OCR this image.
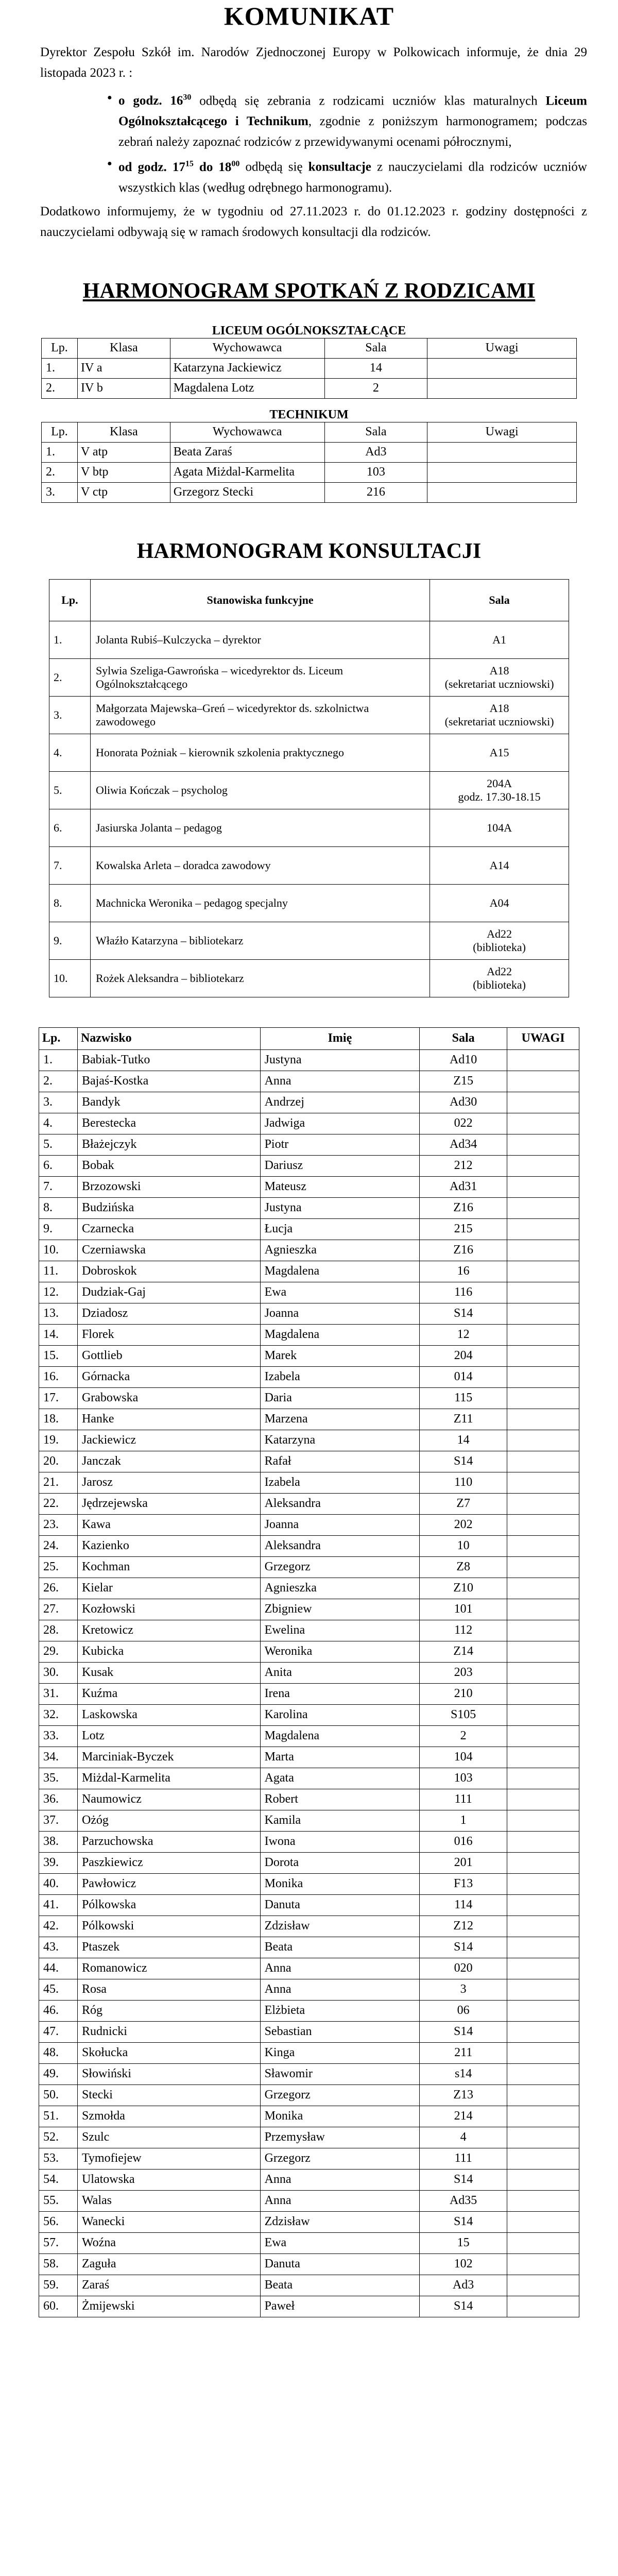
KOMUNIKAT

Dyrektor Zespołu Szkół im. Narodów Zjednoczonej Europy w Polkowicach informuje, że dnia 29 listopada 2023 r. :

● o godz. $16^{30}$ odbędą się zebrania z rodzicami uczniów klas maturalnych Liceum Ogólnokształcącego i Technikum, zgodnie z poniższym harmonogramem; podczas zebrań należy zapoznać rodziców z przewidywanymi ocenami półrocznymi,
● od godz. $17^{15}$ do $18^{00}$ odbędą się konsultacje z nauczycielami dla rodziców uczniów wszystkich klas (według odrębnego harmonogramu).
Dodatkowo informujemy, że w tygodniu od 27.11.2023 r. do 01.12.2023 r. godziny dostępności z nauczycielami odbywają się w ramach środowych konsultacji dla rodziców.
HARMONOGRAM SPOTKAŃ Z RODZICAMI
LICEUM OGÓLNOKSZTAŁCĄCE
Lp.	Klasa	Wychowawca	Sala	Uwagi
1.	IV a	Katarzyna Jackiewicz	14	
2.	IV b	Magdalena Lotz	2	
TECHNIKUM
Lp.	Klasa	Wychowawca	Sala	Uwagi
1.	V atp	Beata Zaraś	Ad3	
2.	V btp	Agata Miżdal-Karmelita	103	
3.	V ctp	Grzegorz Stecki	216	
HARMONOGRAM KONSULTACJI
Lp.	Stanowiska funkcyjne	Sala
1.	Jolanta Rubiś–Kulczycka – dyrektor	A1

2.	Sylwia Szeliga-Gawrońska – wicedyrektor ds. Liceum Ogólnokształcącego	A18
(sekretariat uczniowski)

3.	Małgorzata Majewska–Greń – wicedyrektor ds. szkolnictwa zawodowego	A18
(sekretariat uczniowski)

4.	Honorata Pożniak – kierownik szkolenia praktycznego	A15

5.	Oliwia Kończak – psycholog	204A
godz. 17.30-18.15

6.	Jasiurska Jolanta – pedagog	104A

7.	Kowalska Arleta – doradca zawodowy	A14

8.	Machnicka Weronika – pedagog specjalny	A04

9.	Właźło Katarzyna – bibliotekarz	Ad22
(biblioteka)

10.	Rożek Aleksandra – bibliotekarz	Ad22
(biblioteka)
Lp.	Nazwisko	Imię	Sala	UWAGI
1.	Babiak-Tutko	Justyna	Ad10	
2.	Bajaś-Kostka	Anna	Z15	
3.	Bandyk	Andrzej	Ad30	
4.	Berestecka	Jadwiga	022	
5.	Błażejczyk	Piotr	Ad34	
6.	Bobak	Dariusz	212	
7.	Brzozowski	Mateusz	Ad31	
8.	Budzińska	Justyna	Z16	
9.	Czarnecka	Łucja	215	
10.	Czerniawska	Agnieszka	Z16	
11.	Dobroskok	Magdalena	16	
12.	Dudziak-Gaj	Ewa	116	
13.	Dziadosz	Joanna	S14	
14.	Florek	Magdalena	12	
15.	Gottlieb	Marek	204	
16.	Górnacka	Izabela	014	
17.	Grabowska	Daria	115	
18.	Hanke	Marzena	Z11	
19.	Jackiewicz	Katarzyna	14	
20.	Janczak	Rafał	S14	
21.	Jarosz	Izabela	110	
22.	Jędrzejewska	Aleksandra	Z7	
23.	Kawa	Joanna	202	
24.	Kazienko	Aleksandra	10	
25.	Kochman	Grzegorz	Z8	
26.	Kielar	Agnieszka	Z10	
27.	Kozłowski	Zbigniew	101	
28.	Kretowicz	Ewelina	112	
29.	Kubicka	Weronika	Z14	
30.	Kusak	Anita	203	
31.	Kuźma	Irena	210	
32.	Laskowska	Karolina	S105	
33.	Lotz	Magdalena	2	
34.	Marciniak-Byczek	Marta	104	
35.	Miżdal-Karmelita	Agata	103	
36.	Naumowicz	Robert	111	
37.	Ożóg	Kamila	1	
38.	Parzuchowska	Iwona	016	
39.	Paszkiewicz	Dorota	201	
40.	Pawłowicz	Monika	F13	
41.	Pólkowska	Danuta	114	
42.	Pólkowski	Zdzisław	Z12	
43.	Ptaszek	Beata	S14	
44.	Romanowicz	Anna	020	
45.	Rosa	Anna	3	
46.	Róg	Elżbieta	06	
47.	Rudnicki	Sebastian	S14	
48.	Skołucka	Kinga	211	
49.	Słowiński	Sławomir	s14	
50.	Stecki	Grzegorz	Z13	
51.	Szmołda	Monika	214	
52.	Szulc	Przemysław	4	
53.	Tymofiejew	Grzegorz	111	
54.	Ulatowska	Anna	S14	
55.	Walas	Anna	Ad35	
56.	Wanecki	Zdzisław	S14	
57.	Woźna	Ewa	15	
58.	Zaguła	Danuta	102	
59.	Zaraś	Beata	Ad3	
60.	Żmijewski	Paweł	S14	
